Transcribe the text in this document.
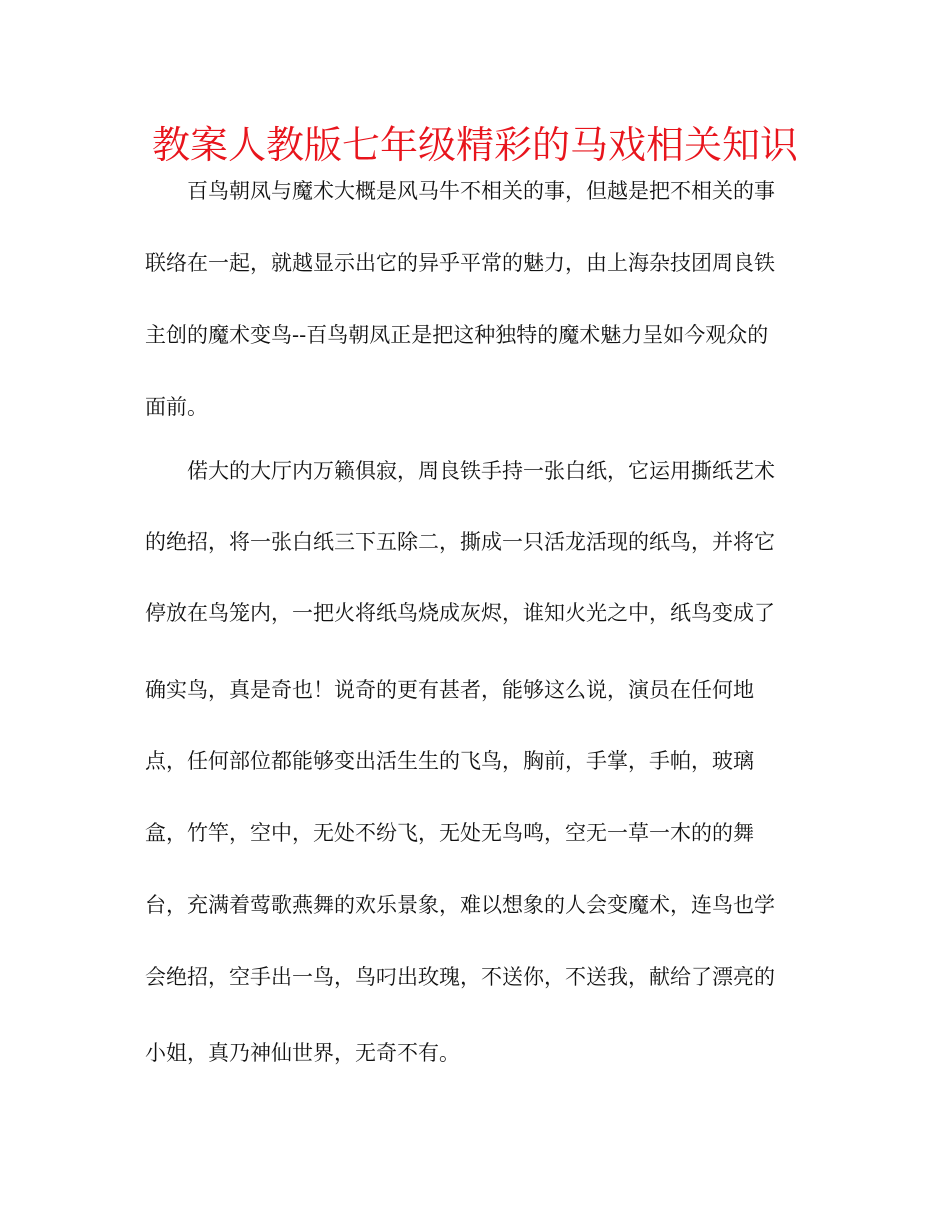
教案人教版七年级精彩的马戏相关知识
百鸟朝凤与魔术大概是风马牛不相关的事，但越是把不相关的事
联络在一起，就越显示出它的异乎平常的魅力，由上海杂技团周良铁
主创的魔术变鸟--百鸟朝凤正是把这种独特的魔术魅力呈如今观众的
面前。
偌大的大厅内万籁俱寂，周良铁手持一张白纸，它运用撕纸艺术
的绝招，将一张白纸三下五除二，撕成一只活龙活现的纸鸟，并将它
停放在鸟笼内，一把火将纸鸟烧成灰烬，谁知火光之中，纸鸟变成了
确实鸟，真是奇也！说奇的更有甚者，能够这么说，演员在任何地
点，任何部位都能够变出活生生的飞鸟，胸前，手掌，手帕，玻璃
盒，竹竿，空中，无处不纷飞，无处无鸟鸣，空无一草一木的的舞
台，充满着莺歌燕舞的欢乐景象，难以想象的人会变魔术，连鸟也学
会绝招，空手出一鸟，鸟叼出玫瑰，不送你，不送我，献给了漂亮的
小姐，真乃神仙世界，无奇不有。
